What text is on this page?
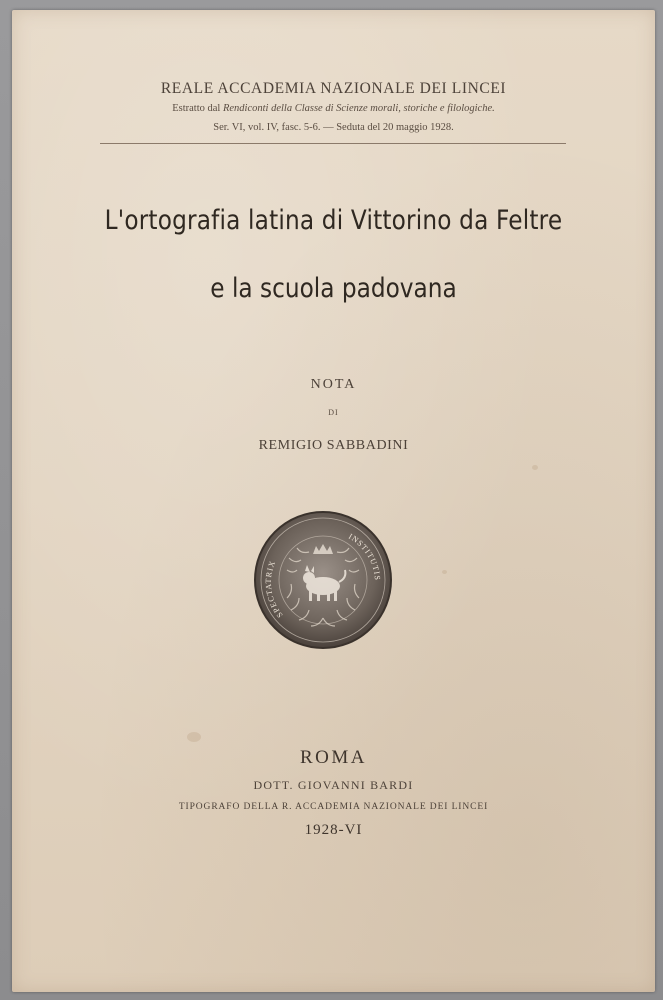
REALE ACCADEMIA NAZIONALE DEI LINCEI
Estratto dal Rendiconti della Classe di Scienze morali, storiche e filologiche.
Ser. VI, vol. IV, fasc. 5-6. — Seduta del 20 maggio 1928.
L'ortografia latina di Vittorino da Feltre
e la scuola padovana
NOTA
DI
REMIGIO SABBADINI
SPECTATRIX
INSTITUTIS
ROMA
DOTT. GIOVANNI BARDI
TIPOGRAFO DELLA R. ACCADEMIA NAZIONALE DEI LINCEI
1928-VI
